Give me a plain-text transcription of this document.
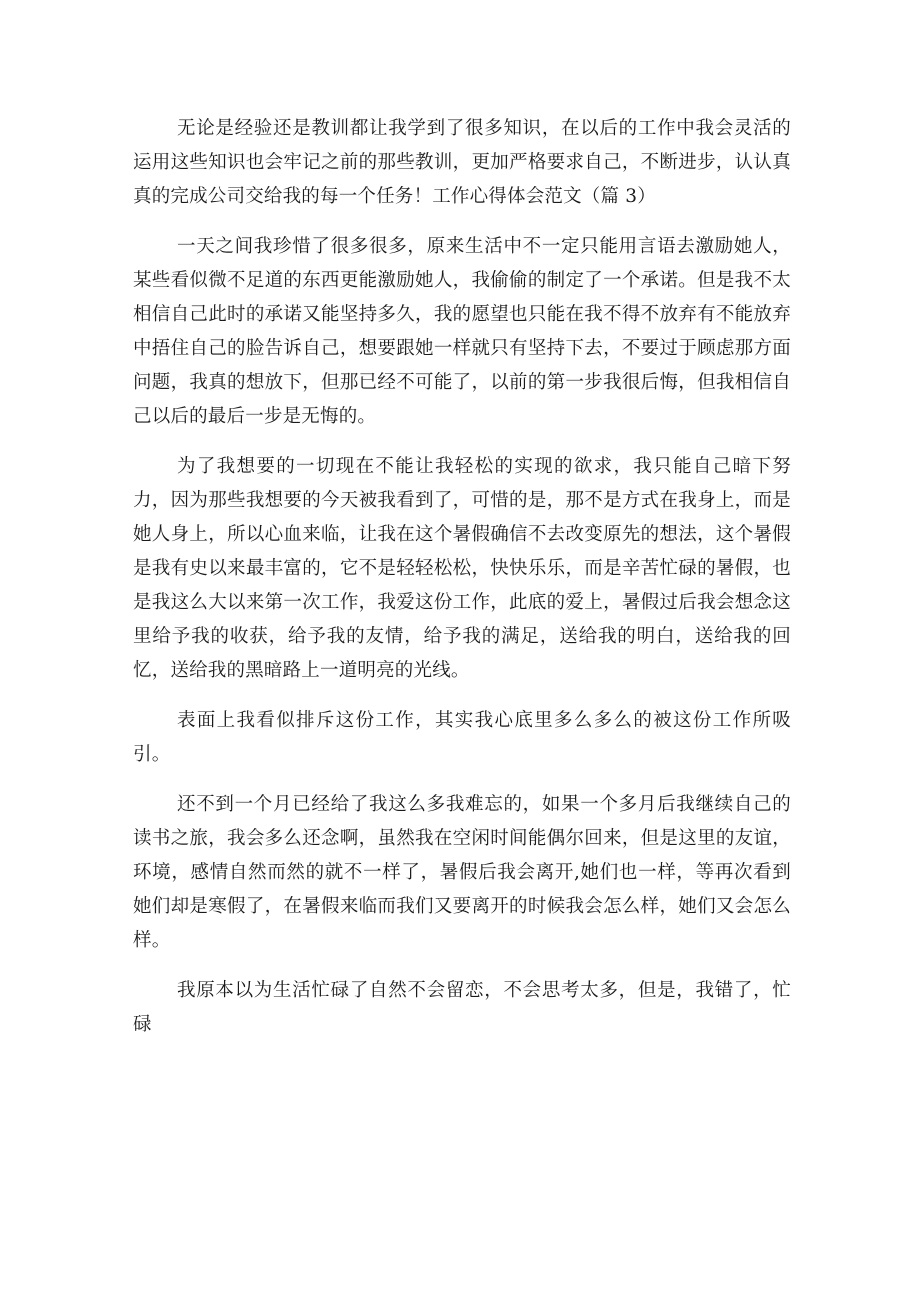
无论是经验还是教训都让我学到了很多知识，在以后的工作中我会灵活的运用这些知识也会牢记之前的那些教训，更加严格要求自己，不断进步，认认真真的完成公司交给我的每一个任务！工作心得体会范文（篇 3）

一天之间我珍惜了很多很多，原来生活中不一定只能用言语去激励她人，某些看似微不足道的东西更能激励她人，我偷偷的制定了一个承诺。但是我不太相信自己此时的承诺又能坚持多久，我的愿望也只能在我不得不放弃有不能放弃中捂住自己的脸告诉自己，想要跟她一样就只有坚持下去，不要过于顾虑那方面问题，我真的想放下，但那已经不可能了，以前的第一步我很后悔，但我相信自己以后的最后一步是无悔的。

为了我想要的一切现在不能让我轻松的实现的欲求，我只能自己暗下努力，因为那些我想要的今天被我看到了，可惜的是，那不是方式在我身上，而是她人身上，所以心血来临，让我在这个暑假确信不去改变原先的想法，这个暑假是我有史以来最丰富的，它不是轻轻松松，快快乐乐，而是辛苦忙碌的暑假，也是我这么大以来第一次工作，我爱这份工作，此底的爱上，暑假过后我会想念这里给予我的收获，给予我的友情，给予我的满足，送给我的明白，送给我的回忆，送给我的黑暗路上一道明亮的光线。

表面上我看似排斥这份工作，其实我心底里多么多么的被这份工作所吸引。

还不到一个月已经给了我这么多我难忘的，如果一个多月后我继续自己的读书之旅，我会多么还念啊，虽然我在空闲时间能偶尔回来，但是这里的友谊，环境，感情自然而然的就不一样了，暑假后我会离开,她们也一样，等再次看到她们却是寒假了，在暑假来临而我们又要离开的时候我会怎么样，她们又会怎么样。

我原本以为生活忙碌了自然不会留恋，不会思考太多，但是，我错了，忙碌
